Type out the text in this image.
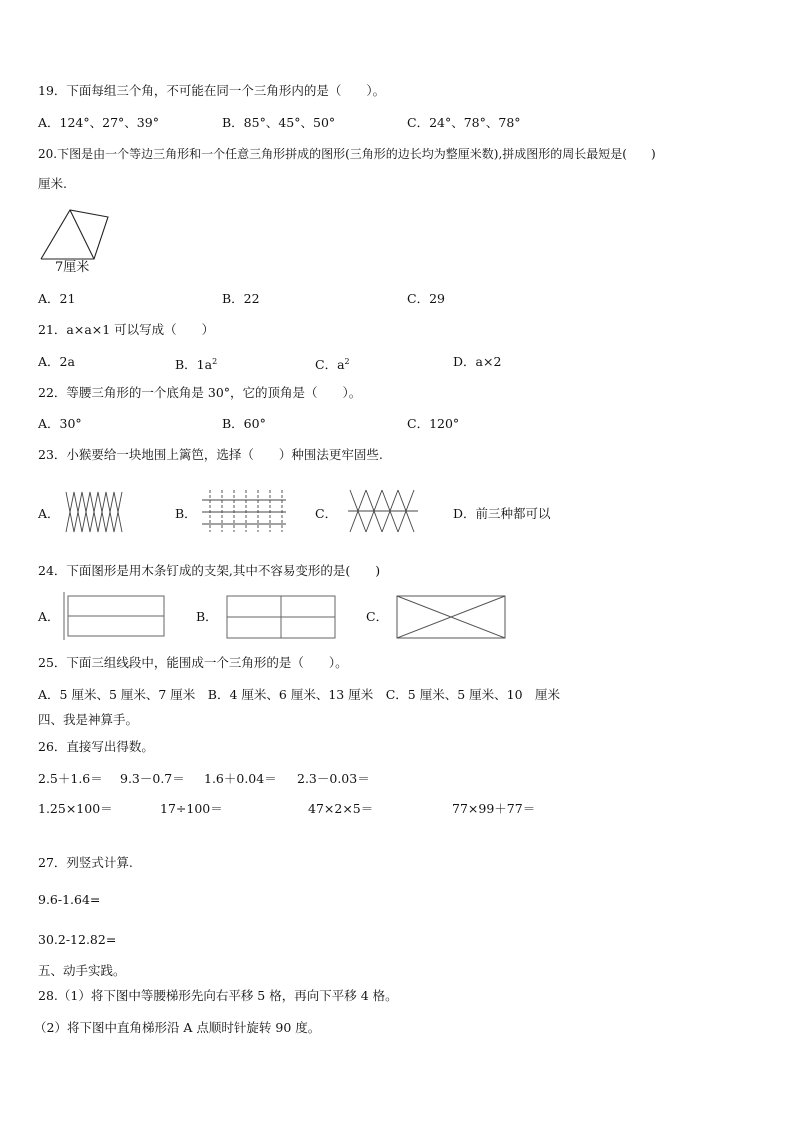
19．下面每组三个角，不可能在同一个三角形内的是（　　）。
A．124°、27°、39°	B．85°、45°、50°	C．24°、78°、78°
20.下图是由一个等边三角形和一个任意三角形拼成的图形(三角形的边长均为整厘米数),拼成图形的周长最短是(　　)
厘米.
7厘米
A．21	B．22	C．29
21．a×a×1 可以写成（　　）
A．2a	B．$1a^2$	C．$a^2$	D．a×2
22．等腰三角形的一个底角是 30°，它的顶角是（　　）。
A．30°	B．60°	C．120°
23．小猴要给一块地围上篱笆，选择（　　）种围法更牢固些.
A．	B．	C．	D．前三种都可以
24．下面图形是用木条钉成的支架,其中不容易变形的是(　　)
A．	B．	C．
25．下面三组线段中，能围成一个三角形的是（　　）。
A．5 厘米、5 厘米、7 厘米　B．4 厘米、6 厘米、13 厘米　C．5 厘米、5 厘米、10　厘米
四、我是神算手。
26．直接写出得数。
2.5＋1.6＝ 9.3－0.7＝ 1.6＋0.04＝ 2.3－0.03＝
1.25×100＝	17÷100＝	47×2×5＝	77×99＋77＝
27．列竖式计算.
9.6-1.64=
30.2-12.82=
五、动手实践。
28.（1）将下图中等腰梯形先向右平移 5 格，再向下平移 4 格。
（2）将下图中直角梯形沿 A 点顺时针旋转 90 度。
